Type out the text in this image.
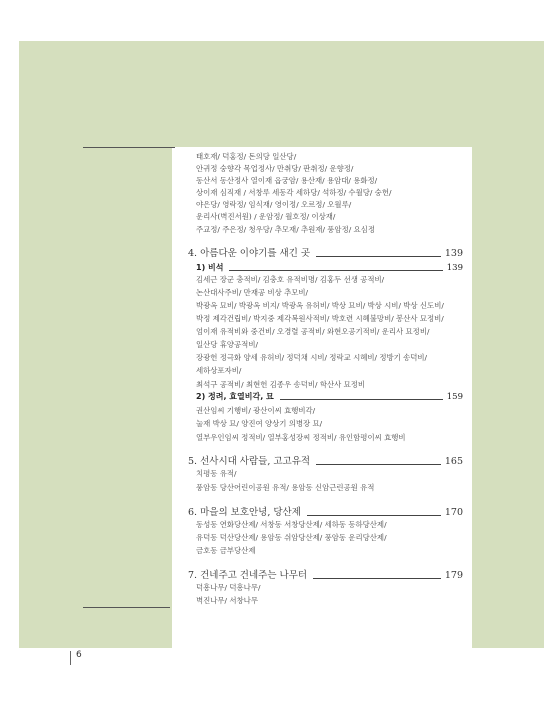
태호재/ 덕홍정/ 돈의당 일산당/
안귀정 숭향각 목업정사/ 만취당/ 판취정/ 운향정/
동산서 동산정사 열이재 읍궁암/ 용산재/ 용암대/ 용화정/
상이재 심직재 / 서창루 세동각 세하당/ 석하정/ 수월당/ 숭헌/
야은당/ 영락정/ 임식재/ 영이정/ 오르정/ 오월루/
운리사(벽진서원) / 운암정/ 월호정/ 이상재/
주교정/ 주은정/ 청우당/ 추모재/ 추원재/ 풍암정/ 요심정
4. 아름다운 이야기를 새긴 곳	139
1) 비석	139
김세근 장군 충적비/ 김충호 유적비명/ 김홍두 선생 공적비/
논산대사주비/ 만재공 비상 추모비/
박광옥 묘비/ 박광옥 비지/ 박광옥 유허비/ 박상 묘비/ 박상 시비/ 박상 신도비/
박정 제각건립비/ 박지중 제각복원사적비/ 박호련 시혜불망비/ 봉산사 묘정비/
엄이재 유적비와 중건비/ 오경렬 공적비/ 와현오공기적비/ 운리사 묘정비/
일산당 휴양공적비/
장광헌 정극화 양세 유허비/ 정덕채 시비/ 정락교 시혜비/ 정방기 송덕비/
세하상포자비/
최석구 공적비/ 최현헌 김종우 송덕비/ 학산사 묘정비
2) 정려, 효열비각, 묘	159
권산임씨 기행비/ 광산이씨 효행비각/
눌재 박상 묘/ 양진여 양상기 의병장 묘/
열부우인임씨 정적비/ 열부홍성장씨 정적비/ 유인함평이씨 효행비
5. 선사시대 사람들, 고고유적	165
치평동 유적/
풍암동 당산어린이공원 유적/ 용암동 신암근린공원 유적
6. 마을의 보호안녕, 당산제	170
동성동 연화당산제/ 서창동 서창당산제/ 세하동 동하당산제/
유덕동 덕산당산제/ 용암동 쉬암당산제/ 풍암동 운리당산제/
금호동 금부당산제
7. 건네주고 건네주는 나무터	179
덕흥나무/ 덕흥나무/
벽진나무/ 서창나무
6
